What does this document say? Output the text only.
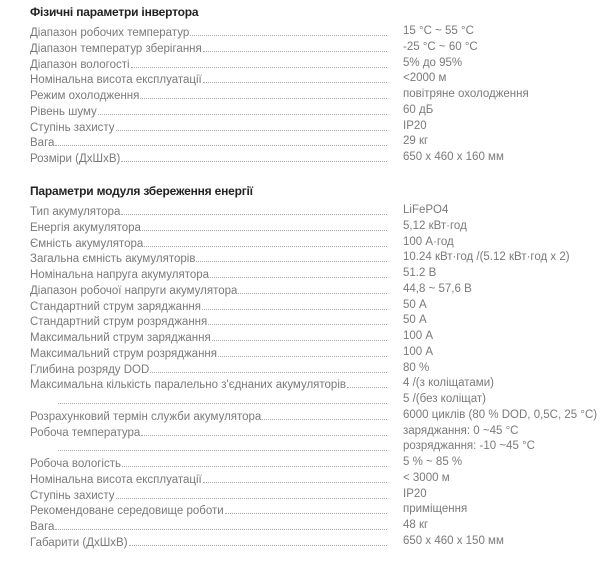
Фізичні параметри інвертора
Діапазон робочих температур	15 °C ~ 55 °C
Діапазон температур зберігання	-25 °C ~ 60 °C
Діапазон вологості	5% до 95%
Номінальна висота експлуатації	<2000 м
Режим охолодження	повітряне охолодження
Рівень шуму	60 дБ
Ступінь захисту	IP20
Вага	29 кг
Розміри (ДхШхВ)	650 x 460 x 160 мм
Параметри модуля збереження енергії
Тип акумулятора	LiFePO4
Енергія акумулятора	5,12 кВт·год
Ємність акумулятора	100 А·год
Загальна ємність акумуляторів	10.24 кВт·год /(5.12 кВт·год x 2)
Номінальна напруга акумулятора	51.2 В
Діапазон робочої напруги акумулятора	44,8 ~ 57,6 В
Стандартний струм заряджання	50 А
Стандартний струм розряджання	50 А
Максимальний струм заряджання	100 А
Максимальний струм розряджання	100 А
Глибина розряду DOD	80 %
Максимальна кількість паралельно з'єднаних акумуляторів	4 /(з коліщатами)
5 /(без коліщат)
Розрахунковий термін служби акумулятора	6000 циклів (80 % DOD, 0,5C, 25 °C)
Робоча температура	заряджання: 0 ~45 °C
розряджання: -10 ~45 °C
Робоча вологість	5 % ~ 85 %
Номінальна висота експлуатації	< 3000 м
Ступінь захисту	IP20
Рекомендоване середовище роботи	приміщення
Вага	48 кг
Габарити (ДхШхВ)	650 x 460 x 150 мм
